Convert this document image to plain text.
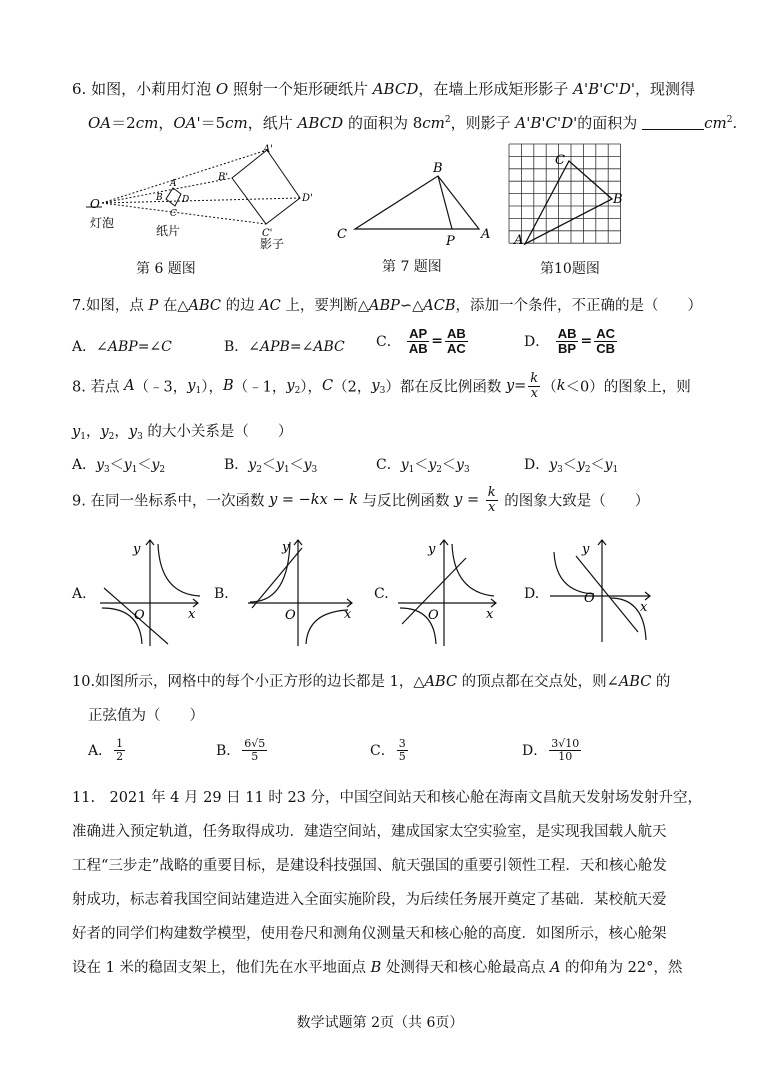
6. 如图，小莉用灯泡 O 照射一个矩形硬纸片 ABCD，在墙上形成矩形影子 A'B'C'D'，现测得
OA＝2cm，OA'＝5cm，纸片 ABCD 的面积为 $8cm^2$，则影子 A'B'C'D'的面积为	$cm^2$.
O
灯泡
A
B
C
D
纸片
A'
B'
D'
C'
影子
第 6 题图
B
C	P A
第 7 题图
A
B
C
第10题图
7.如图，点 P 在△ABC 的边 AC 上，要判断△ABP∽△ACB，添加一个条件，不正确的是（　　）
A．∠ABP=∠C	B．∠APB=∠ABC C． $\frac{AP}{AB} = \frac{AB}{AC}$	D． $\frac{AB}{BP} = \frac{AC}{CB}$
8. 若点 A（﹣3，$y_1$），B（﹣1，$y_2$），C（2，$y_3$）都在反比例函数 $y= \frac{k}{x} (k<0)$的图象上，则
$y_1$，$y_2$，$y_3$ 的大小关系是（　　）
A．$y_3<y_1<y_2$	B．$y_2<y_1<y_3$	C．$y_1<y_2<y_3$	D．$y_3<y_2<y_1$
9. 在同一坐标系中，一次函数 y = −kx − k 与反比例函数 $y = \frac{k}{x}$ 的图象大致是（　　）
A.
y
x
O
B.
y
x
O
C.
y
x
O
D.
y
x
O
10.如图所示，网格中的每个小正方形的边长都是 1，△ABC 的顶点都在交点处，则∠ABC 的
正弦值为（　　）
A． $\frac{1}{2}$	B． $\frac{6√5}{5}$	C． $\frac{3}{5}$	D． $\frac{3√10}{10}$
11.　2021 年 4 月 29 日 11 时 23 分，中国空间站天和核心舱在海南文昌航天发射场发射升空，
准确进入预定轨道，任务取得成功．建造空间站，建成国家太空实验室，是实现我国载人航天
工程“三步走”战略的重要目标，是建设科技强国、航天强国的重要引领性工程．天和核心舱发
射成功，标志着我国空间站建造进入全面实施阶段，为后续任务展开奠定了基础．某校航天爱
好者的同学们构建数学模型，使用卷尺和测角仪测量天和核心舱的高度．如图所示，核心舱架
设在 1 米的稳固支架上，他们先在水平地面点 B 处测得天和核心舱最高点 A 的仰角为 22°，然
数学试题第 2页（共 6页）
